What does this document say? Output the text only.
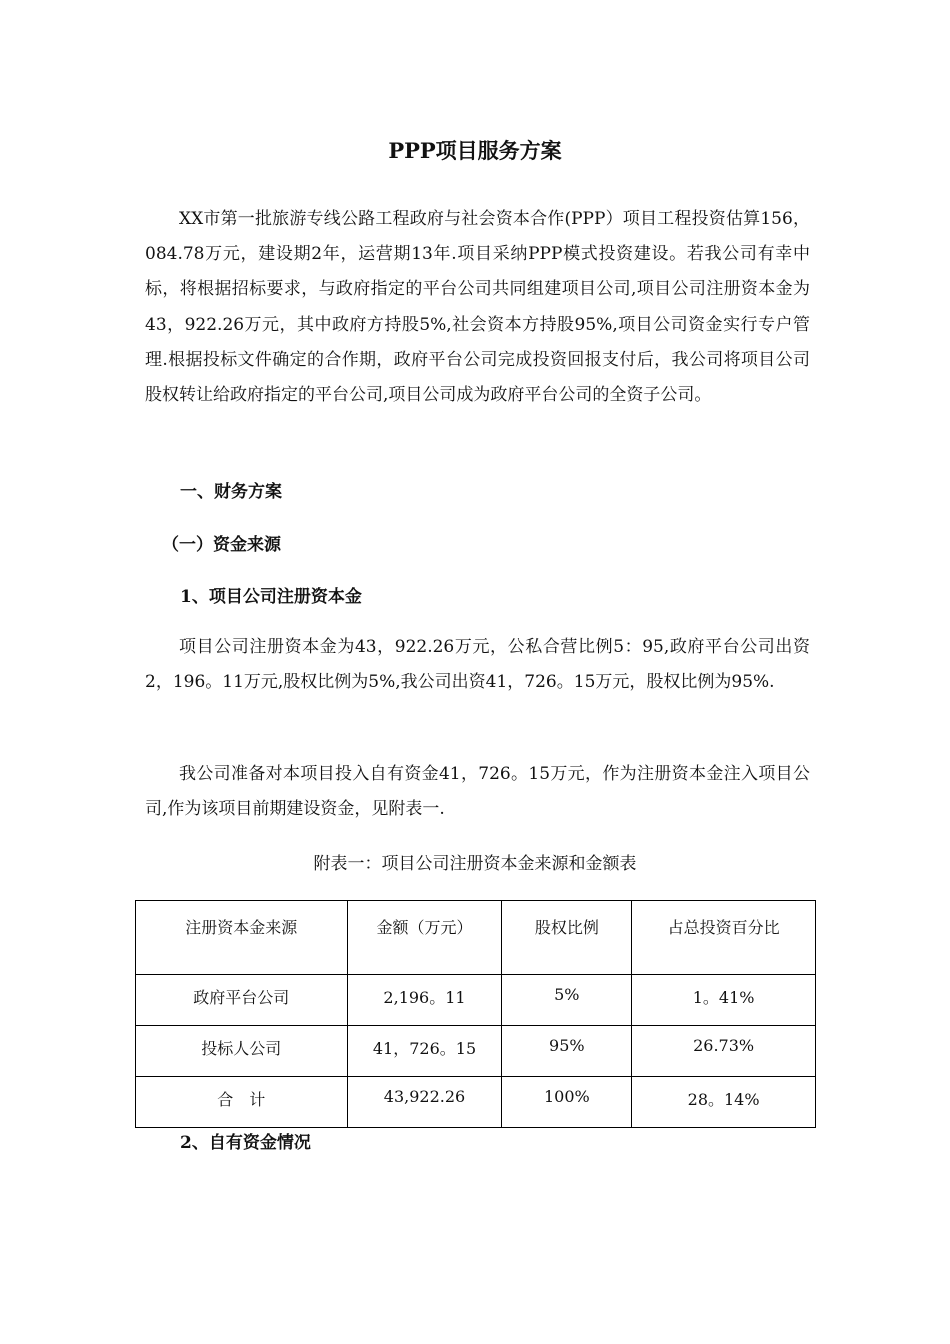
PPP项目服务方案

XX市第一批旅游专线公路工程政府与社会资本合作(PPP）项目工程投资估算156，084.78万元，建设期2年，运营期13年.项目采纳PPP模式投资建设。若我公司有幸中标，将根据招标要求，与政府指定的平台公司共同组建项目公司,项目公司注册资本金为43，922.26万元，其中政府方持股5%,社会资本方持股95%,项目公司资金实行专户管理.根据投标文件确定的合作期，政府平台公司完成投资回报支付后，我公司将项目公司股权转让给政府指定的平台公司,项目公司成为政府平台公司的全资子公司。

一、财务方案
（一）资金来源
1、项目公司注册资本金

项目公司注册资本金为43，922.26万元，公私合营比例5：95,政府平台公司出资2，196。11万元,股权比例为5%,我公司出资41，726。15万元，股权比例为95%.

我公司准备对本项目投入自有资金41，726。15万元，作为注册资本金注入项目公司,作为该项目前期建设资金，见附表一.

附表一：项目公司注册资本金来源和金额表
注册资本金来源	金额（万元）	股权比例	占总投资百分比
政府平台公司	2,196。11	5%	1。41%
投标人公司	41，726。15	95%	26.73%
合　计	43,922.26	100%	28。14%
2、自有资金情况
